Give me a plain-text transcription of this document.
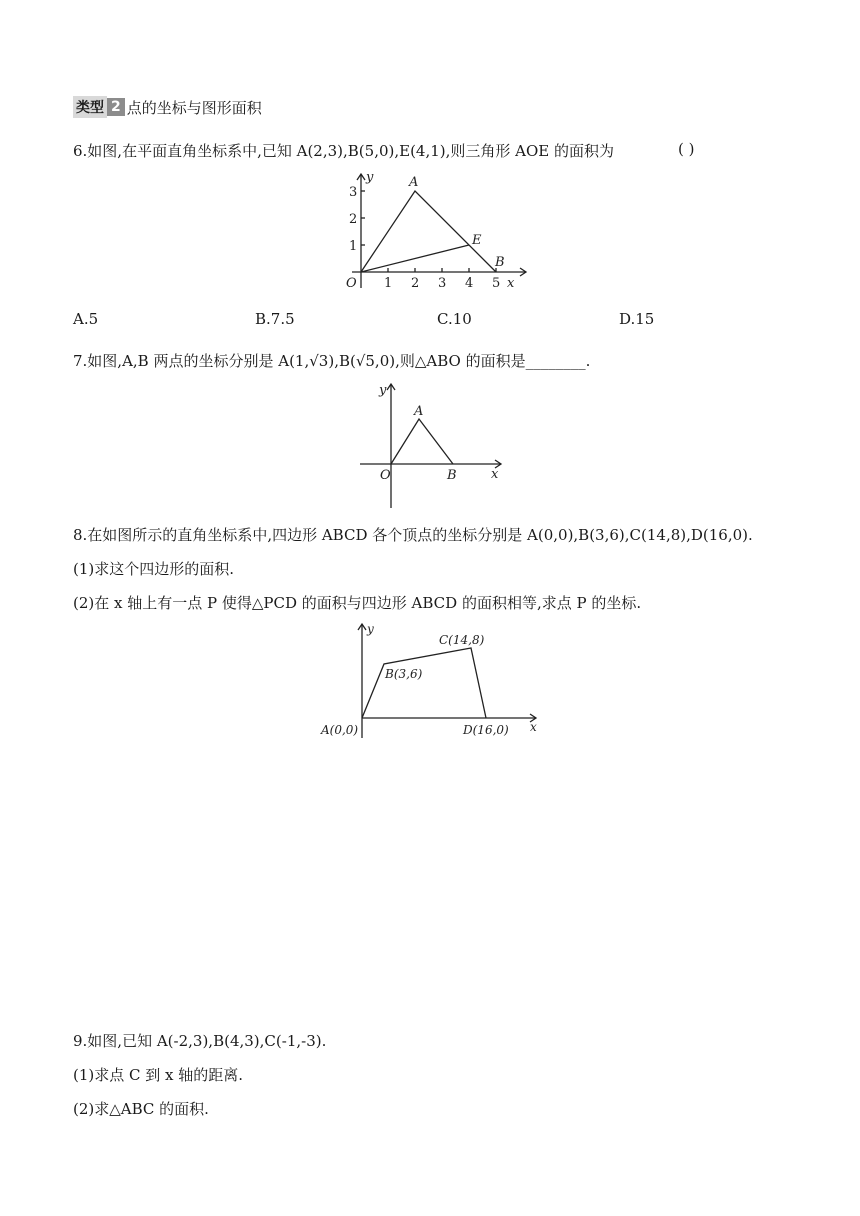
类型 2 点的坐标与图形面积
6.如图,在平面直角坐标系中,已知 A(2,3),B(5,0),E(4,1),则三角形 AOE 的面积为	( )
1 2 3 4 5
1
2
3
O	x
y	A
E
B
A.5	B.7.5	C.10	D.15
7.如图,A,B 两点的坐标分别是 A(1,√3),B(√5,0),则△ABO 的面积是________.
y
x
O
A
B
8.在如图所示的直角坐标系中,四边形 ABCD 各个顶点的坐标分别是 A(0,0),B(3,6),C(14,8),D(16,0).
(1)求这个四边形的面积.
(2)在 x 轴上有一点 P 使得△PCD 的面积与四边形 ABCD 的面积相等,求点 P 的坐标.
y
x
A(0,0)
B(3,6)
C(14,8)
D(16,0)
9.如图,已知 A(-2,3),B(4,3),C(-1,-3).
(1)求点 C 到 x 轴的距离.
(2)求△ABC 的面积.
